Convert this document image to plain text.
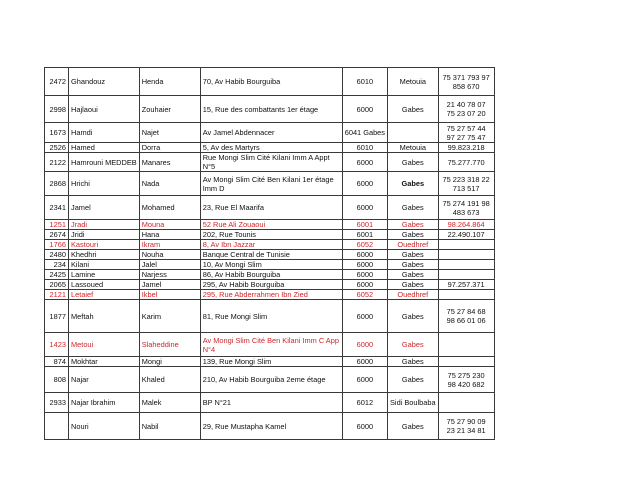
2472	Ghandouz	Henda	70, Av Habib Bourguiba	6010	Metouia	75 371 793 97
858 670
2998	Hajlaoui	Zouhaier	15, Rue des combattants 1er étage	6000	Gabes	21 40 78 07
75 23 07 20
1673	Hamdi	Najet	Av Jamel Abdennacer	6041 Gabes		75 27 57 44
97 27 75 47
2526	Hamed	Dorra	5, Av des Martyrs	6010	Metouia	99.823.218
2122	Hamrouni MEDDEB	Manares	Rue Mongi Slim Cité Kilani Imm A Appt N°5	6000	Gabes	75.277.770
2868	Hrichi	Nada	Av Mongi Slim Cité Ben Kilani 1er étage Imm D	6000	Gabes	75 223 318 22
713 517
2341	Jamel	Mohamed	23, Rue El Maarifa	6000	Gabes	75 274 191 98
483 673
1251	Jradi	Mouna	52 Rue Ali Zouaoui	6001	Gabes	98.264.864
2674	Jridi	Hana	202, Rue Tounis	6001	Gabes	22.490.107
1766	Kastouri	Ikram	8, Av Ibn Jazzar	6052	Ouedhref	
2480	Khedhri	Nouha	Banque Central de Tunisie	6000	Gabes	
234	Kilani	Jalel	10, Av Mongi Slim	6000	Gabes	
2425	Lamine	Narjess	86, Av Habib Bourguiba	6000	Gabes	
2065	Lassoued	Jamel	295, Av Habib Bourguiba	6000	Gabes	97.257.371
2121	Letaief	Ikbel	295, Rue Abderrahmen Ibn Zied	6052	Ouedhref	
1877	Meftah	Karim	81, Rue Mongi Slim	6000	Gabes	75 27 84 68
98 66 01 06
1423	Metoui	Slaheddine	Av Mongi Slim Cité Ben Kilani Imm C App N°4	6000	Gabes	
874	Mokhtar	Mongi	139, Rue Mongi Slim	6000	Gabes	
808	Najar	Khaled	210, Av Habib Bourguiba 2eme étage	6000	Gabes	75 275 230
98 420 682
2933	Najar Ibrahim	Malek	BP N°21	6012	Sidi Boulbaba	
	Nouri	Nabil	29, Rue Mustapha Kamel	6000	Gabes	75 27 90 09
23 21 34 81
